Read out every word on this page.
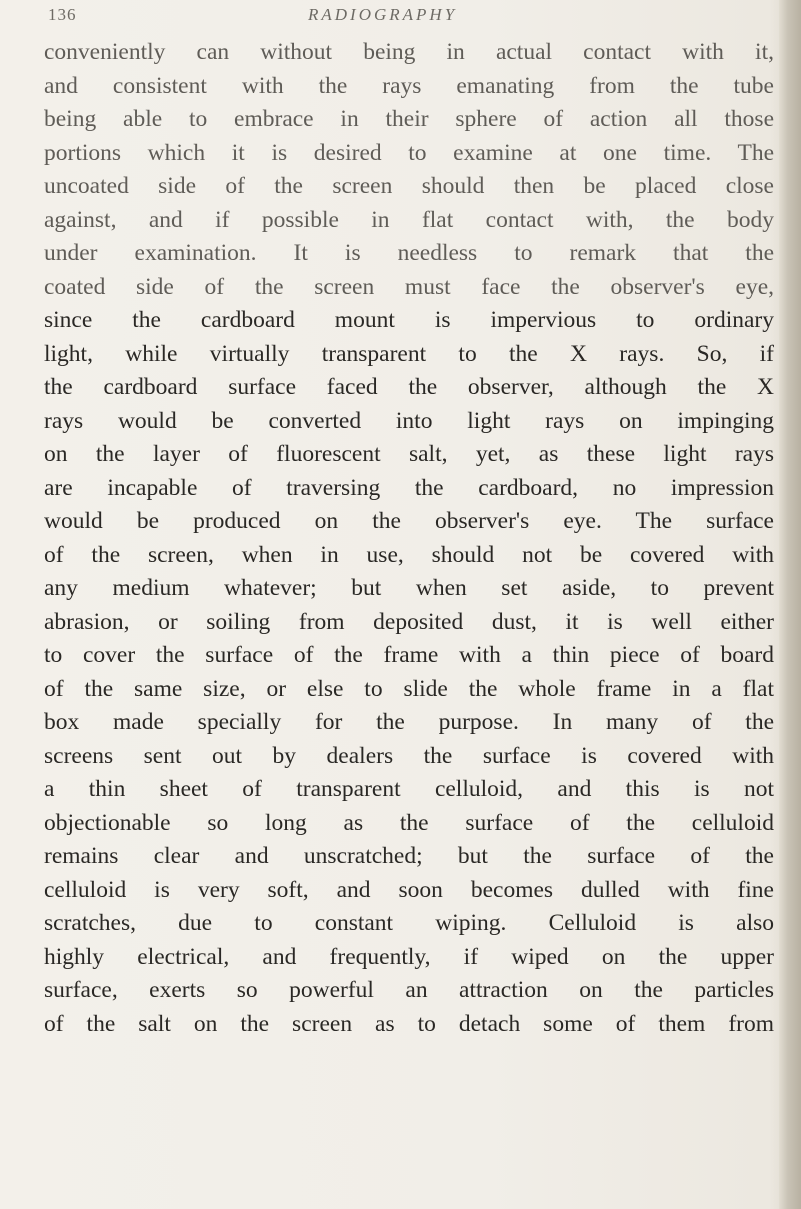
136	RADIOGRAPHY
conveniently can without being in actual contact with it,
and consistent with the rays emanating from the tube
being able to embrace in their sphere of action all those
portions which it is desired to examine at one time. The
uncoated side of the screen should then be placed close
against, and if possible in flat contact with, the body
under examination. It is needless to remark that the
coated side of the screen must face the observer's eye,
since the cardboard mount is impervious to ordinary
light, while virtually transparent to the X rays. So, if
the cardboard surface faced the observer, although the X
rays would be converted into light rays on impinging
on the layer of fluorescent salt, yet, as these light rays
are incapable of traversing the cardboard, no impression
would be produced on the observer's eye. The surface
of the screen, when in use, should not be covered with
any medium whatever; but when set aside, to prevent
abrasion, or soiling from deposited dust, it is well either
to cover the surface of the frame with a thin piece of board
of the same size, or else to slide the whole frame in a flat
box made specially for the purpose. In many of the
screens sent out by dealers the surface is covered with
a thin sheet of transparent celluloid, and this is not
objectionable so long as the surface of the celluloid
remains clear and unscratched; but the surface of the
celluloid is very soft, and soon becomes dulled with fine
scratches, due to constant wiping. Celluloid is also
highly electrical, and frequently, if wiped on the upper
surface, exerts so powerful an attraction on the particles
of the salt on the screen as to detach some of them from
